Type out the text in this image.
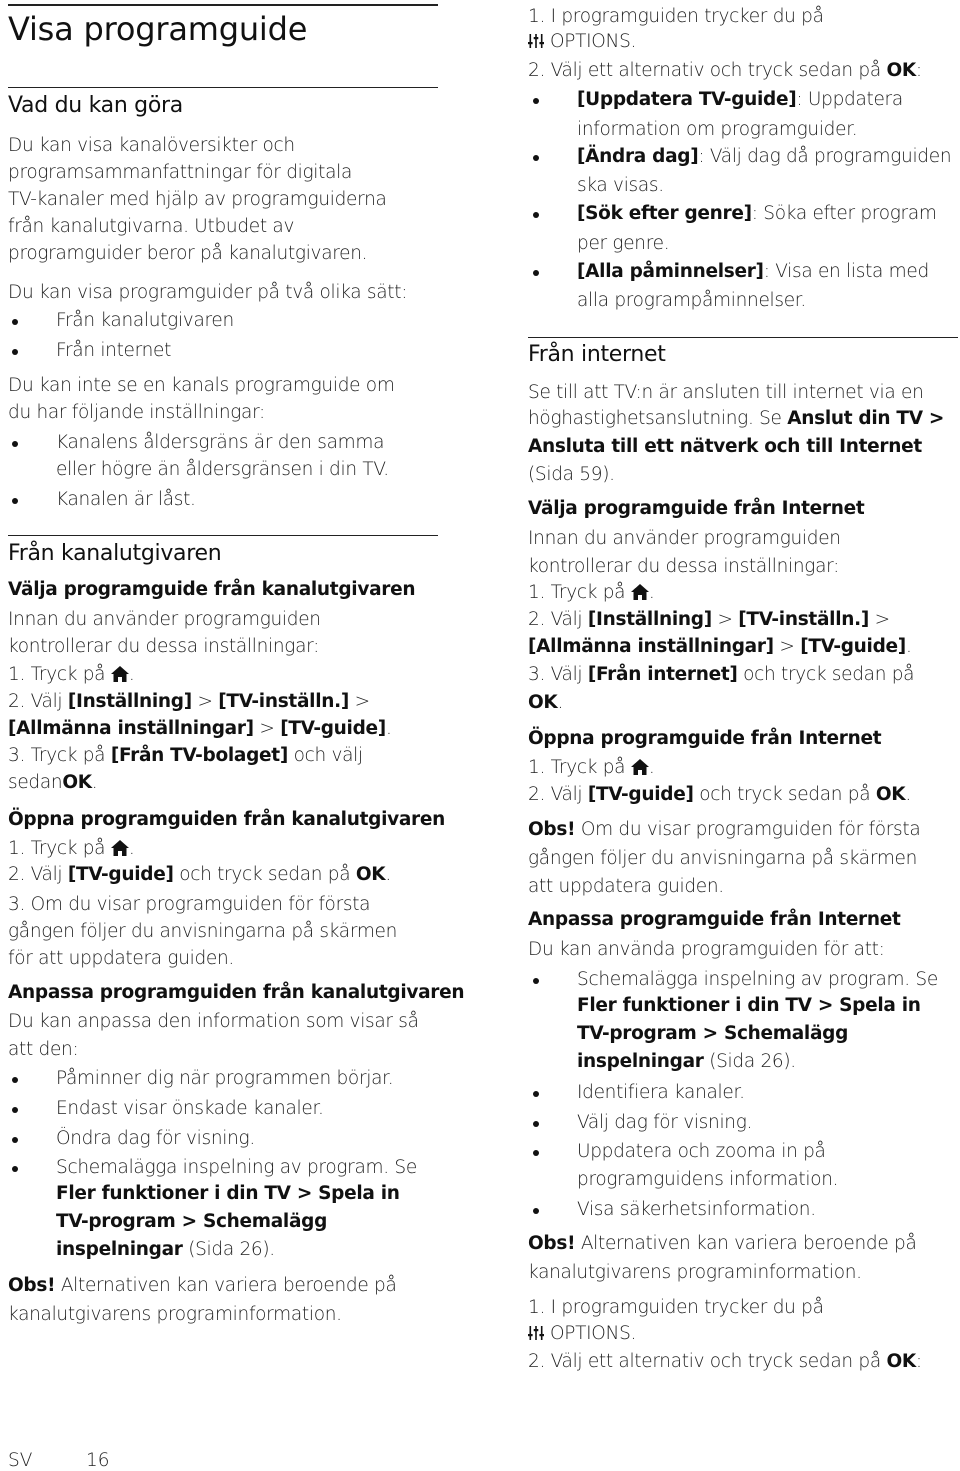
Visa programguide
Vad du kan göra
Du kan visa kanalöversikter och
programsammanfattningar för digitala
TV-kanaler med hjälp av programguiderna
från kanalutgivarna. Utbudet av
programguider beror på kanalutgivaren.
Du kan visa programguider på två olika sätt:
Från kanalutgivaren
Från internet
Du kan inte se en kanals programguide om
du har följande inställningar:
Kanalens åldersgräns är den samma
eller högre än åldersgränsen i din TV.
Kanalen är låst.
Från kanalutgivaren
Välja programguide från kanalutgivaren
Innan du använder programguiden
kontrollerar du dessa inställningar:
1. Tryck på .
2. Välj [Inställning] > [TV-inställn.] >
[Allmänna inställningar] > [TV-guide].
3. Tryck på [Från TV-bolaget] och välj
sedanOK.
Öppna programguiden från kanalutgivaren
1. Tryck på .
2. Välj [TV-guide] och tryck sedan på OK.
3. Om du visar programguiden för första
gången följer du anvisningarna på skärmen
för att uppdatera guiden.
Anpassa programguiden från kanalutgivaren
Du kan anpassa den information som visar så
att den:
Påminner dig när programmen börjar.
Endast visar önskade kanaler.
Öndra dag för visning.
Schemalägga inspelning av program. Se
Fler funktioner i din TV > Spela in
TV-program > Schemalägg
inspelningar (Sida 26).
Obs! Alternativen kan variera beroende på
kanalutgivarens programinformation.
1. I programguiden trycker du på
OPTIONS.
2. Välj ett alternativ och tryck sedan på OK:
[Uppdatera TV-guide]: Uppdatera
information om programguider.
[Ändra dag]: Välj dag då programguiden
ska visas.
[Sök efter genre]: Söka efter program
per genre.
[Alla påminnelser]: Visa en lista med
alla programpåminnelser.
Från internet
Se till att TV:n är ansluten till internet via en
höghastighetsanslutning. Se Anslut din TV >
Ansluta till ett nätverk och till Internet
(Sida 59).
Välja programguide från Internet
Innan du använder programguiden
kontrollerar du dessa inställningar:
1. Tryck på .
2. Välj [Inställning] > [TV-inställn.] >
[Allmänna inställningar] > [TV-guide].
3. Välj [Från internet] och tryck sedan på
OK.
Öppna programguide från Internet
1. Tryck på .
2. Välj [TV-guide] och tryck sedan på OK.
Obs! Om du visar programguiden för första
gången följer du anvisningarna på skärmen
att uppdatera guiden.
Anpassa programguide från Internet
Du kan använda programguiden för att:
Schemalägga inspelning av program. Se
Fler funktioner i din TV > Spela in
TV-program > Schemalägg
inspelningar (Sida 26).
Identifiera kanaler.
Välj dag för visning.
Uppdatera och zooma in på
programguidens information.
Visa säkerhetsinformation.
Obs! Alternativen kan variera beroende på
kanalutgivarens programinformation.
1. I programguiden trycker du på
OPTIONS.
2. Välj ett alternativ och tryck sedan på OK:
SV	16
